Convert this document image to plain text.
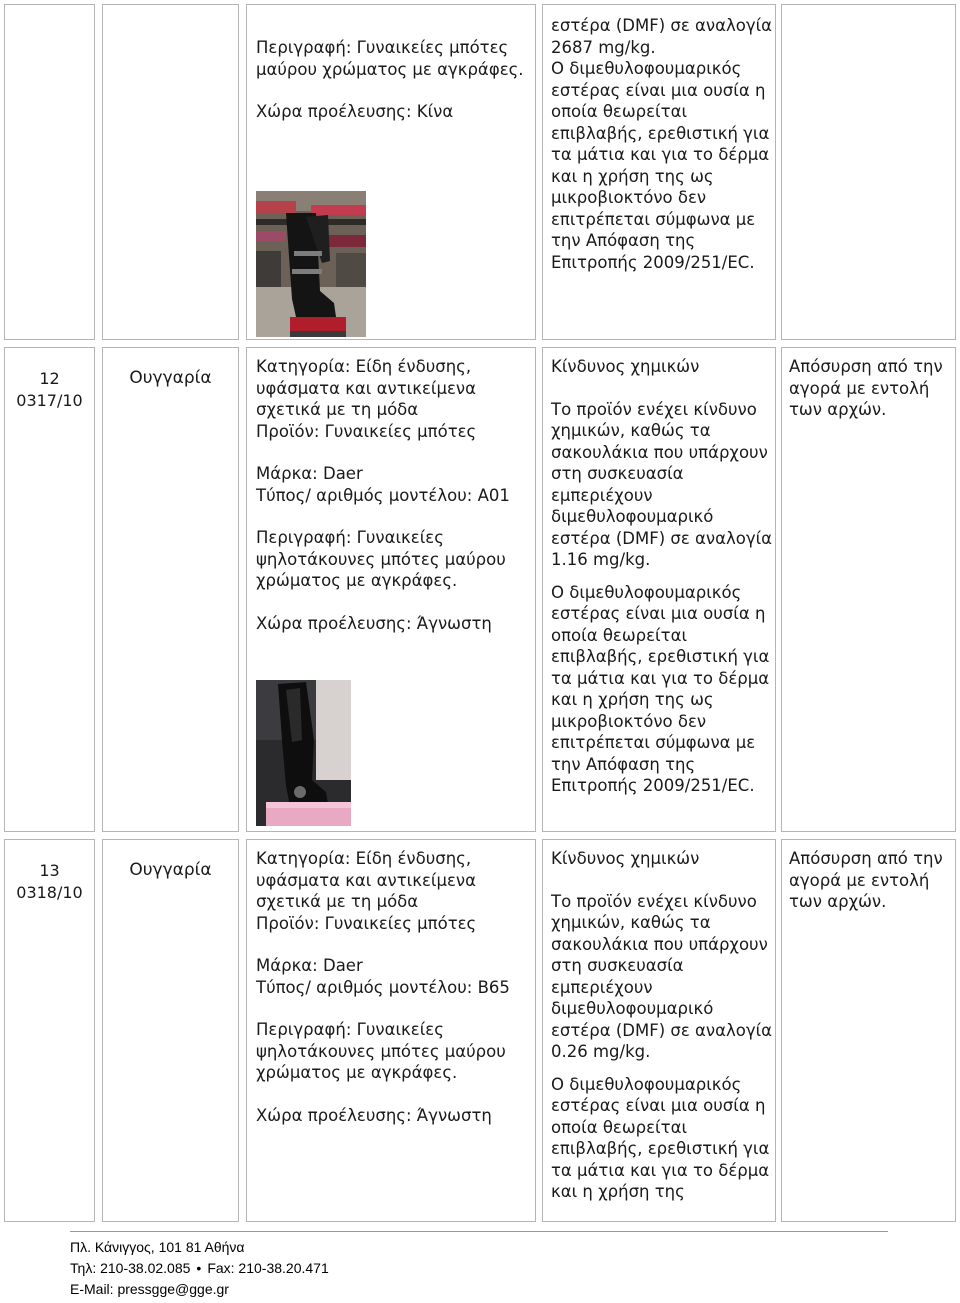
Περιγραφή: Γυναικείες μπότες μαύρου χρώματος με αγκράφες.

Χώρα προέλευσης: Κίνα

εστέρα (DMF) σε αναλογία 2687 mg/kg.

Ο διμεθυλοφουμαρικός εστέρας είναι μια ουσία η οποία θεωρείται επιβλαβής, ερεθιστική για τα μάτια και για το δέρμα και η χρήση της ως μικροβιοκτόνο δεν επιτρέπεται σύμφωνα με την Απόφαση της Επιτροπής 2009/251/EC.

12
0317/10
Ουγγαρία

Κατηγορία: Είδη ένδυσης, υφάσματα και αντικείμενα σχετικά με τη μόδα

Προϊόν: Γυναικείες μπότες

Μάρκα: Daer

Τύπος/ αριθμός μοντέλου: A01

Περιγραφή: Γυναικείες ψηλοτάκουνες μπότες μαύρου χρώματος με αγκράφες.

Χώρα προέλευσης: Άγνωστη

Κίνδυνος χημικών

Το προϊόν ενέχει κίνδυνο χημικών, καθώς τα σακουλάκια που υπάρχουν στη συσκευασία εμπεριέχουν διμεθυλοφουμαρικό εστέρα (DMF) σε αναλογία 1.16 mg/kg.

Ο διμεθυλοφουμαρικός εστέρας είναι μια ουσία η οποία θεωρείται επιβλαβής, ερεθιστική για τα μάτια και για το δέρμα και η χρήση της ως μικροβιοκτόνο δεν επιτρέπεται σύμφωνα με την Απόφαση της Επιτροπής 2009/251/EC.

Απόσυρση από την αγορά με εντολή των αρχών.

13
0318/10
Ουγγαρία

Κατηγορία: Είδη ένδυσης, υφάσματα και αντικείμενα σχετικά με τη μόδα

Προϊόν: Γυναικείες μπότες

Μάρκα: Daer

Τύπος/ αριθμός μοντέλου: B65

Περιγραφή: Γυναικείες ψηλοτάκουνες μπότες μαύρου χρώματος με αγκράφες.

Χώρα προέλευσης: Άγνωστη

Κίνδυνος χημικών

Το προϊόν ενέχει κίνδυνο χημικών, καθώς τα σακουλάκια που υπάρχουν στη συσκευασία εμπεριέχουν διμεθυλοφουμαρικό εστέρα (DMF) σε αναλογία 0.26 mg/kg.

Ο διμεθυλοφουμαρικός εστέρας είναι μια ουσία η οποία θεωρείται επιβλαβής, ερεθιστική για τα μάτια και για το δέρμα και η χρήση της

Απόσυρση από την αγορά με εντολή των αρχών.

Πλ. Κάνιγγος, 101 81 Αθήνα

Τηλ: 210-38.02.085 • Fax: 210-38.20.471

E-Mail: pressgge@gge.gr
